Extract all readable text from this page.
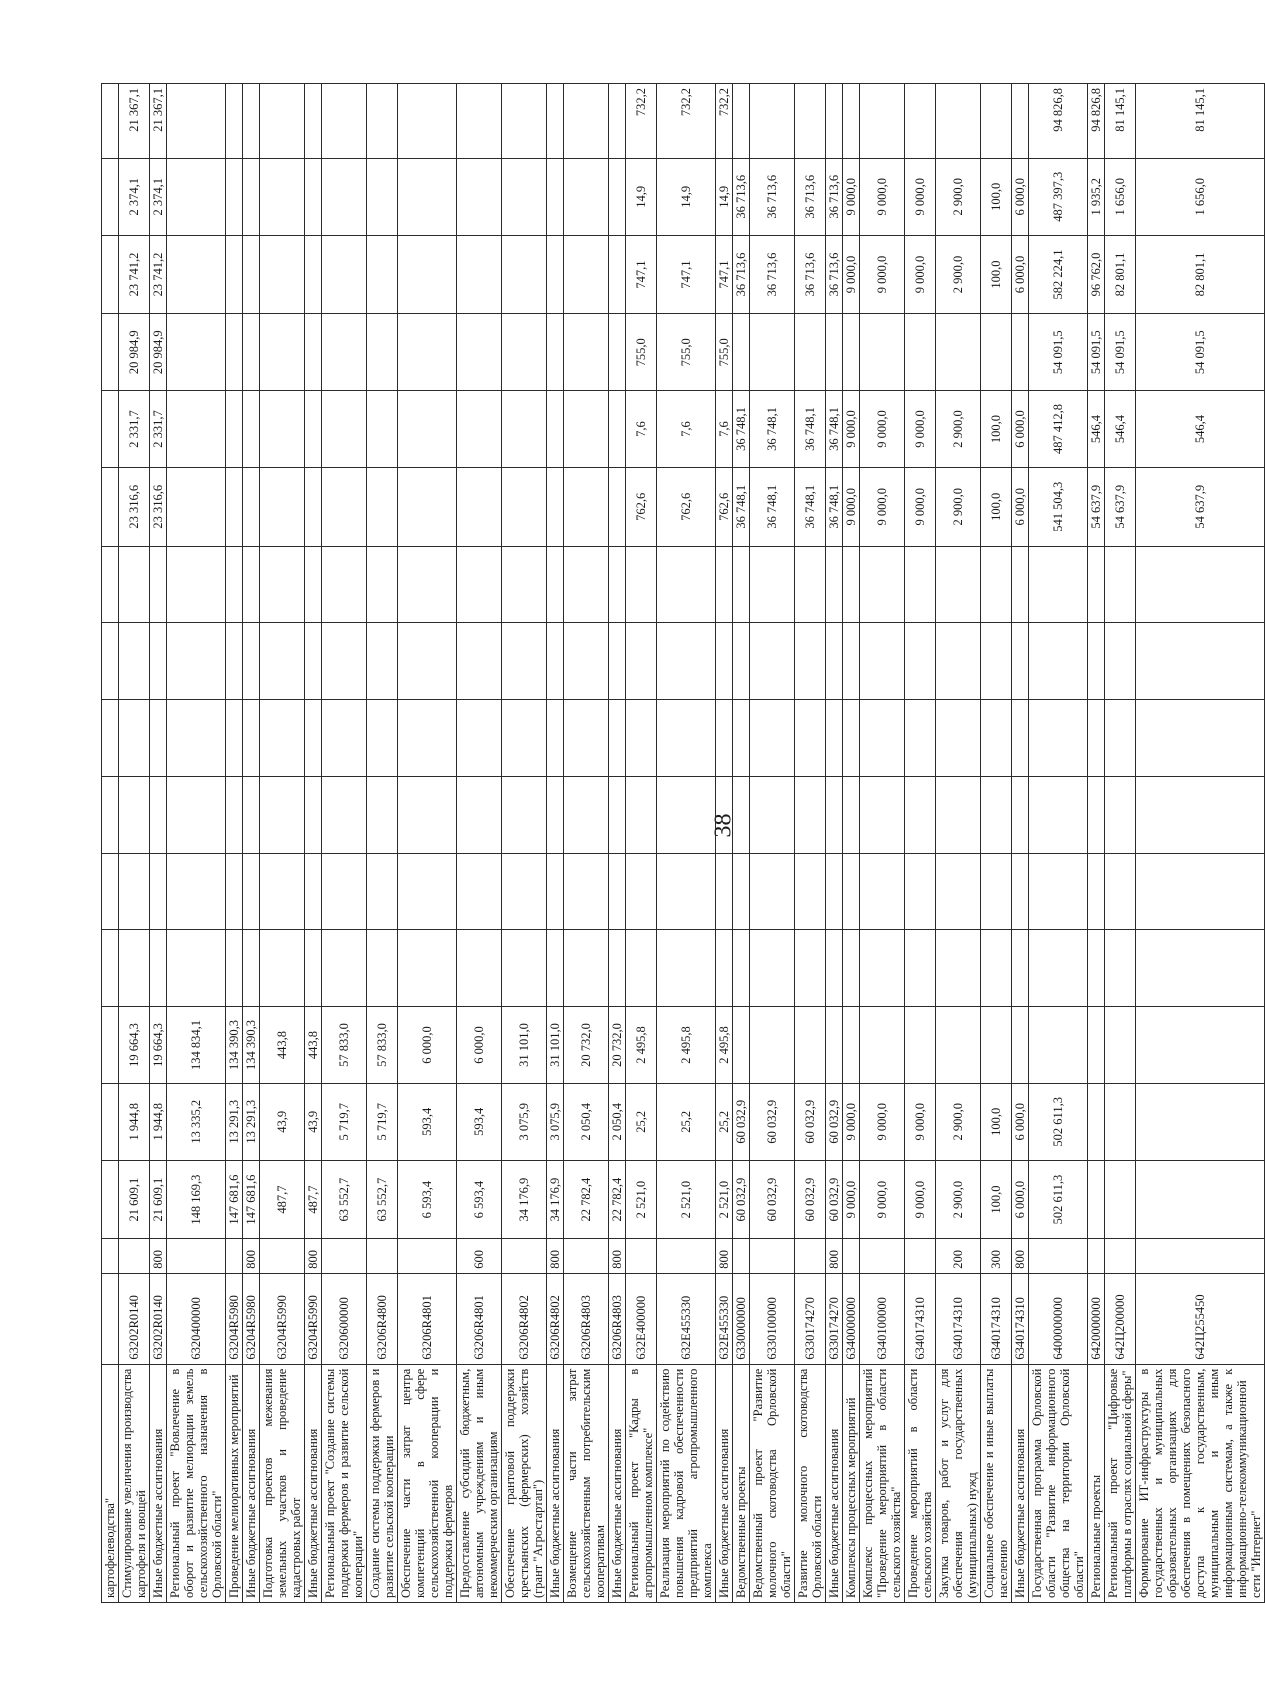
38
картофелеводства"																	
Стимулирование увеличения производства картофеля и овощей	63202R0140		21 609,1	1 944,8	19 664,3							23 316,6	2 331,7	20 984,9	23 741,2	2 374,1	21 367,1
Иные бюджетные ассигнования	63202R0140	800	21 609,1	1 944,8	19 664,3							23 316,6	2 331,7	20 984,9	23 741,2	2 374,1	21 367,1
Региональный проект "Вовлечение в оборот и развитие мелиорации земель сельскохозяйственного назначения в Орловской области"	6320400000		148 169,3	13 335,2	134 834,1												
Проведение мелиоративных мероприятий	63204R5980		147 681,6	13 291,3	134 390,3												
Иные бюджетные ассигнования	63204R5980	800	147 681,6	13 291,3	134 390,3												
Подготовка проектов межевания земельных участков и проведение кадастровых работ	63204R5990		487,7	43,9	443,8												
Иные бюджетные ассигнования	63204R5990	800	487,7	43,9	443,8												
Региональный проект "Создание системы поддержки фермеров и развитие сельской кооперации"	6320600000		63 552,7	5 719,7	57 833,0												
Создание системы поддержки фермеров и развитие сельской кооперации	63206R4800		63 552,7	5 719,7	57 833,0												
Обеспечение части затрат центра компетенций в сфере сельскохозяйственной кооперации и поддержки фермеров	63206R4801		6 593,4	593,4	6 000,0												
Предоставление субсидий бюджетным, автономным учреждениям и иным некоммерческим организациям	63206R4801	600	6 593,4	593,4	6 000,0												
Обеспечение грантовой поддержки крестьянских (фермерских) хозяйств (грант "Агростартап")	63206R4802		34 176,9	3 075,9	31 101,0												
Иные бюджетные ассигнования	63206R4802	800	34 176,9	3 075,9	31 101,0												
Возмещение части затрат сельскохозяйственным потребительским кооперативам	63206R4803		22 782,4	2 050,4	20 732,0												
Иные бюджетные ассигнования	63206R4803	800	22 782,4	2 050,4	20 732,0												
Региональный проект "Кадры в агропромышленном комплексе"	632E400000		2 521,0	25,2	2 495,8							762,6	7,6	755,0	747,1	14,9	732,2
Реализация мероприятий по содействию повышения кадровой обеспеченности предприятий агропромышленного комплекса	632E455330		2 521,0	25,2	2 495,8							762,6	7,6	755,0	747,1	14,9	732,2
Иные бюджетные ассигнования	632E455330	800	2 521,0	25,2	2 495,8							762,6	7,6	755,0	747,1	14,9	732,2
Ведомственные проекты	6330000000		60 032,9	60 032,9								36 748,1	36 748,1		36 713,6	36 713,6	
Ведомственный проект "Развитие молочного скотоводства Орловской области"	6330100000		60 032,9	60 032,9								36 748,1	36 748,1		36 713,6	36 713,6	
Развитие молочного скотоводства Орловской области	6330174270		60 032,9	60 032,9								36 748,1	36 748,1		36 713,6	36 713,6	
Иные бюджетные ассигнования	6330174270	800	60 032,9	60 032,9								36 748,1	36 748,1		36 713,6	36 713,6	
Комплексы процессных мероприятий	6340000000		9 000,0	9 000,0								9 000,0	9 000,0		9 000,0	9 000,0	
Комплекс процессных мероприятий "Проведение мероприятий в области сельского хозяйства"	6340100000		9 000,0	9 000,0								9 000,0	9 000,0		9 000,0	9 000,0	
Проведение мероприятий в области сельского хозяйства	6340174310		9 000,0	9 000,0								9 000,0	9 000,0		9 000,0	9 000,0	
Закупка товаров, работ и услуг для обеспечения государственных (муниципальных) нужд	6340174310	200	2 900,0	2 900,0								2 900,0	2 900,0		2 900,0	2 900,0	
Социальное обеспечение и иные выплаты населению	6340174310	300	100,0	100,0								100,0	100,0		100,0	100,0	
Иные бюджетные ассигнования	6340174310	800	6 000,0	6 000,0								6 000,0	6 000,0		6 000,0	6 000,0	
Государственная программа Орловской области "Развитие информационного общества на территории Орловской области"	6400000000		502 611,3	502 611,3								541 504,3	487 412,8	54 091,5	582 224,1	487 397,3	94 826,8
Региональные проекты	6420000000											54 637,9	546,4	54 091,5	96 762,0	1 935,2	94 826,8
Региональный проект "Цифровые платформы в отраслях социальной сферы"	642Ц200000											54 637,9	546,4	54 091,5	82 801,1	1 656,0	81 145,1
Формирование ИТ-инфраструктуры в государственных и муниципальных образовательных организациях для обеспечения в помещениях безопасного доступа к государственным, муниципальным и иным информационным системам, а также к информационно-телекоммуникационной сети "Интернет"	642Ц255450											54 637,9	546,4	54 091,5	82 801,1	1 656,0	81 145,1
